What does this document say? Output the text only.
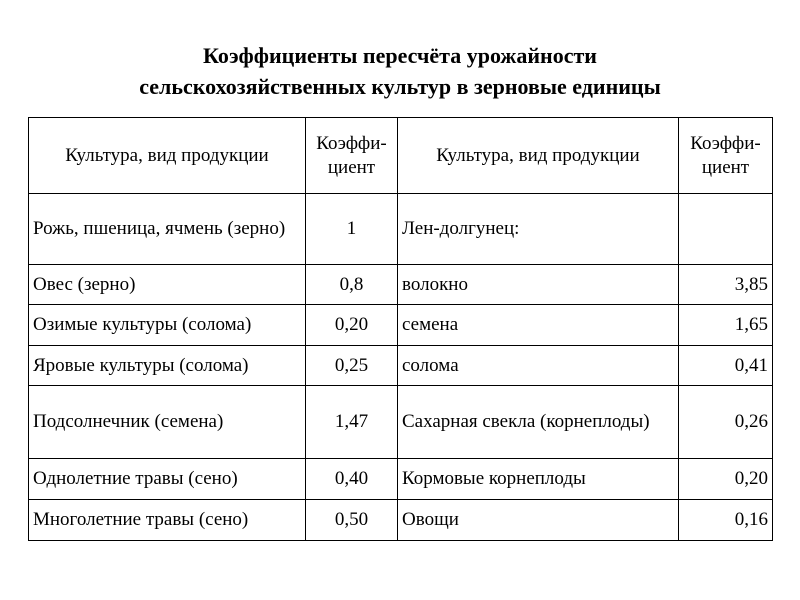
Коэффициенты пересчёта урожайности
сельскохозяйственных культур в зерновые единицы
Культура, вид продукции	Коэффи-циент	Культура, вид продукции	Коэффи-циент
Рожь, пшеница, ячмень (зерно)	1	Лен-долгунец:	
Овес (зерно)	0,8	волокно	3,85
Озимые культуры (солома)	0,20	семена	1,65
Яровые культуры (солома)	0,25	солома	0,41
Подсолнечник (семена)	1,47	Сахарная свекла (корнеплоды)	0,26
Однолетние травы (сено)	0,40	Кормовые корнеплоды	0,20
Многолетние травы (сено)	0,50	Овощи	0,16
